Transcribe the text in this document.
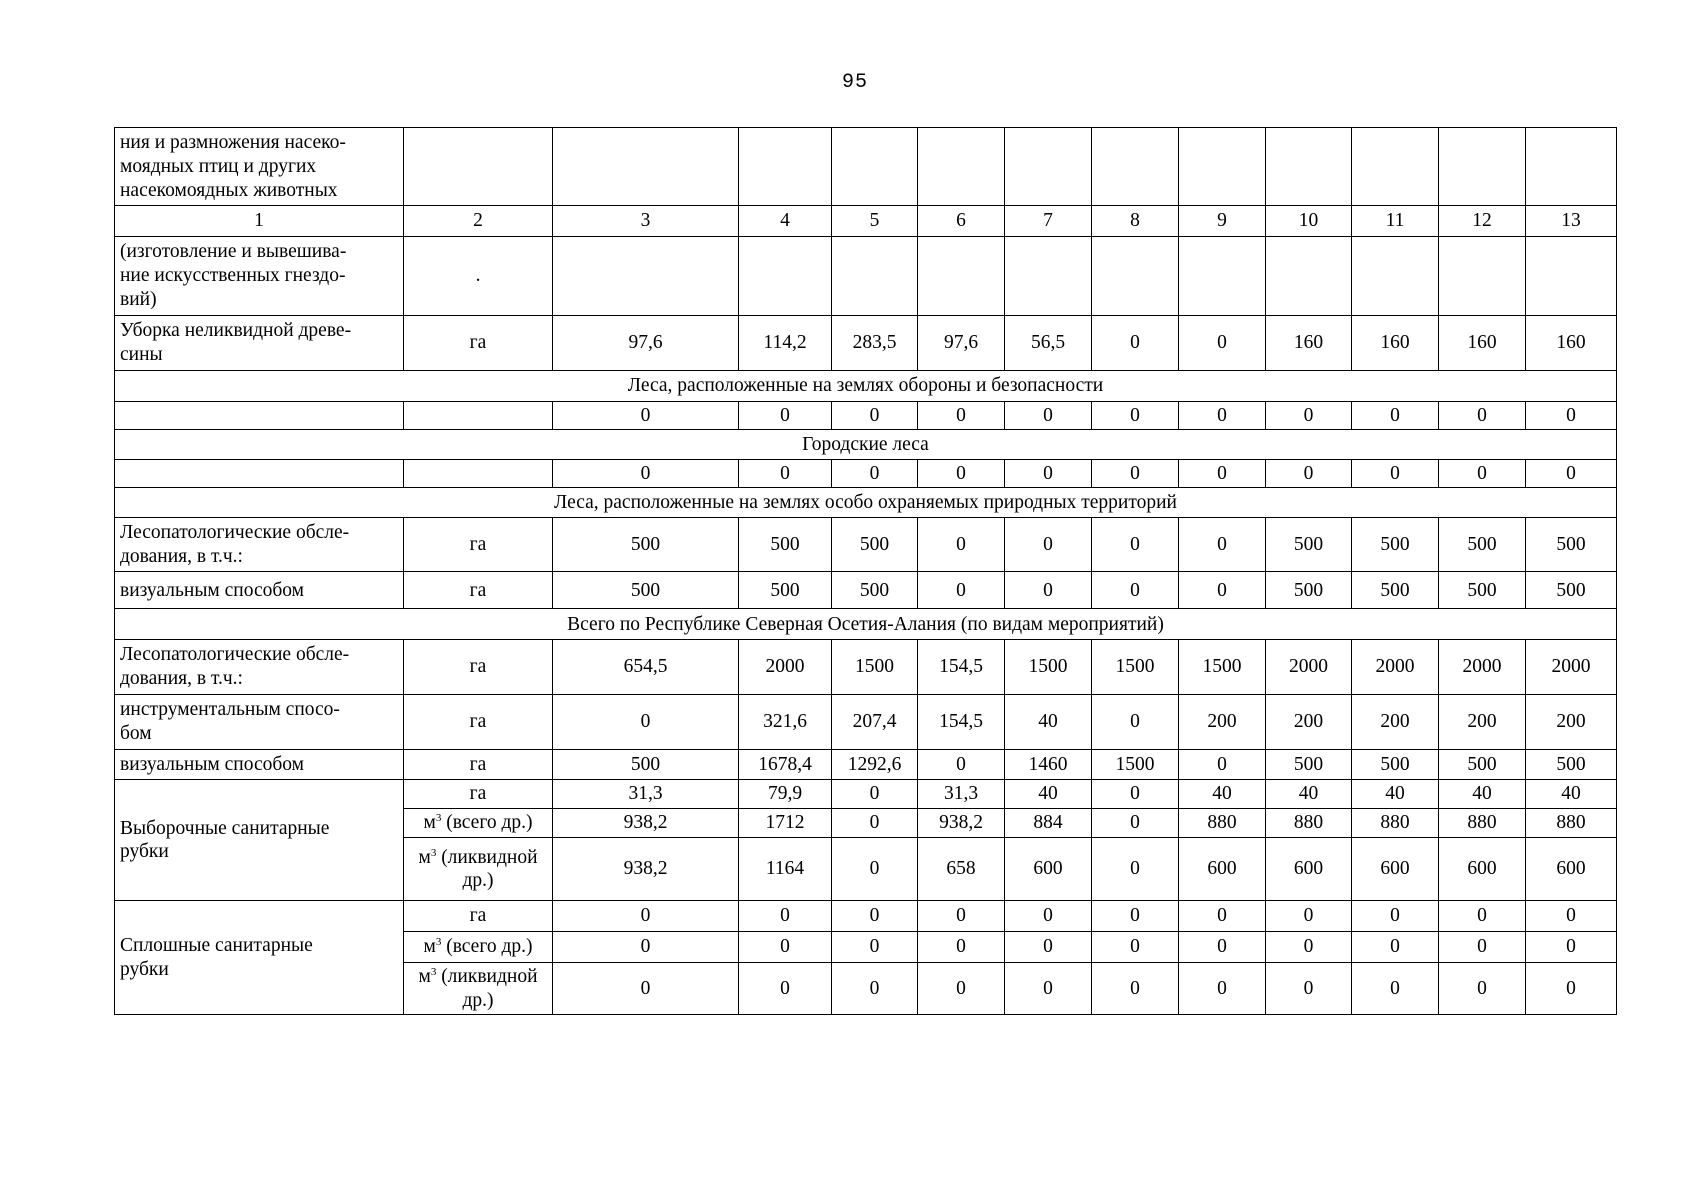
95
ния и размножения насеко-
моядных птиц и других
насекомоядных животных												
1	2	3	4	5	6	7	8	9	10	11	12	13
(изготовление и вывешива-
ние искусственных гнездо-
вий)	.											
Уборка неликвидной древе-
сины	га	97,6	114,2	283,5	97,6	56,5	0	0	160	160	160	160
Леса, расположенные на землях обороны и безопасности												
		0	0	0	0	0	0	0	0	0	0	0
Городские леса												
		0	0	0	0	0	0	0	0	0	0	0
Леса, расположенные на землях особо охраняемых природных территорий												
Лесопатологические обсле-
дования, в т.ч.:	га	500	500	500	0	0	0	0	500	500	500	500
визуальным способом	га	500	500	500	0	0	0	0	500	500	500	500
Всего по Республике Северная Осетия-Алания (по видам мероприятий)												
Лесопатологические обсле-
дования, в т.ч.:	га	654,5	2000	1500	154,5	1500	1500	1500	2000	2000	2000	2000
инструментальным спосо-
бом	га	0	321,6	207,4	154,5	40	0	200	200	200	200	200
визуальным способом	га	500	1678,4	1292,6	0	1460	1500	0	500	500	500	500
Выборочные санитарные
рубки	га	31,3	79,9	0	31,3	40	0	40	40	40	40	40
	$м^3$ (всего др.)	938,2	1712	0	938,2	884	0	880	880	880	880	880
	$м^3$ (ликвидной др.)	938,2	1164	0	658	600	0	600	600	600	600	600
Сплошные санитарные
рубки	га	0	0	0	0	0	0	0	0	0	0	0
	$м^3$ (всего др.)	0	0	0	0	0	0	0	0	0	0	0
	$м^3$ (ликвидной др.)	0	0	0	0	0	0	0	0	0	0	0
